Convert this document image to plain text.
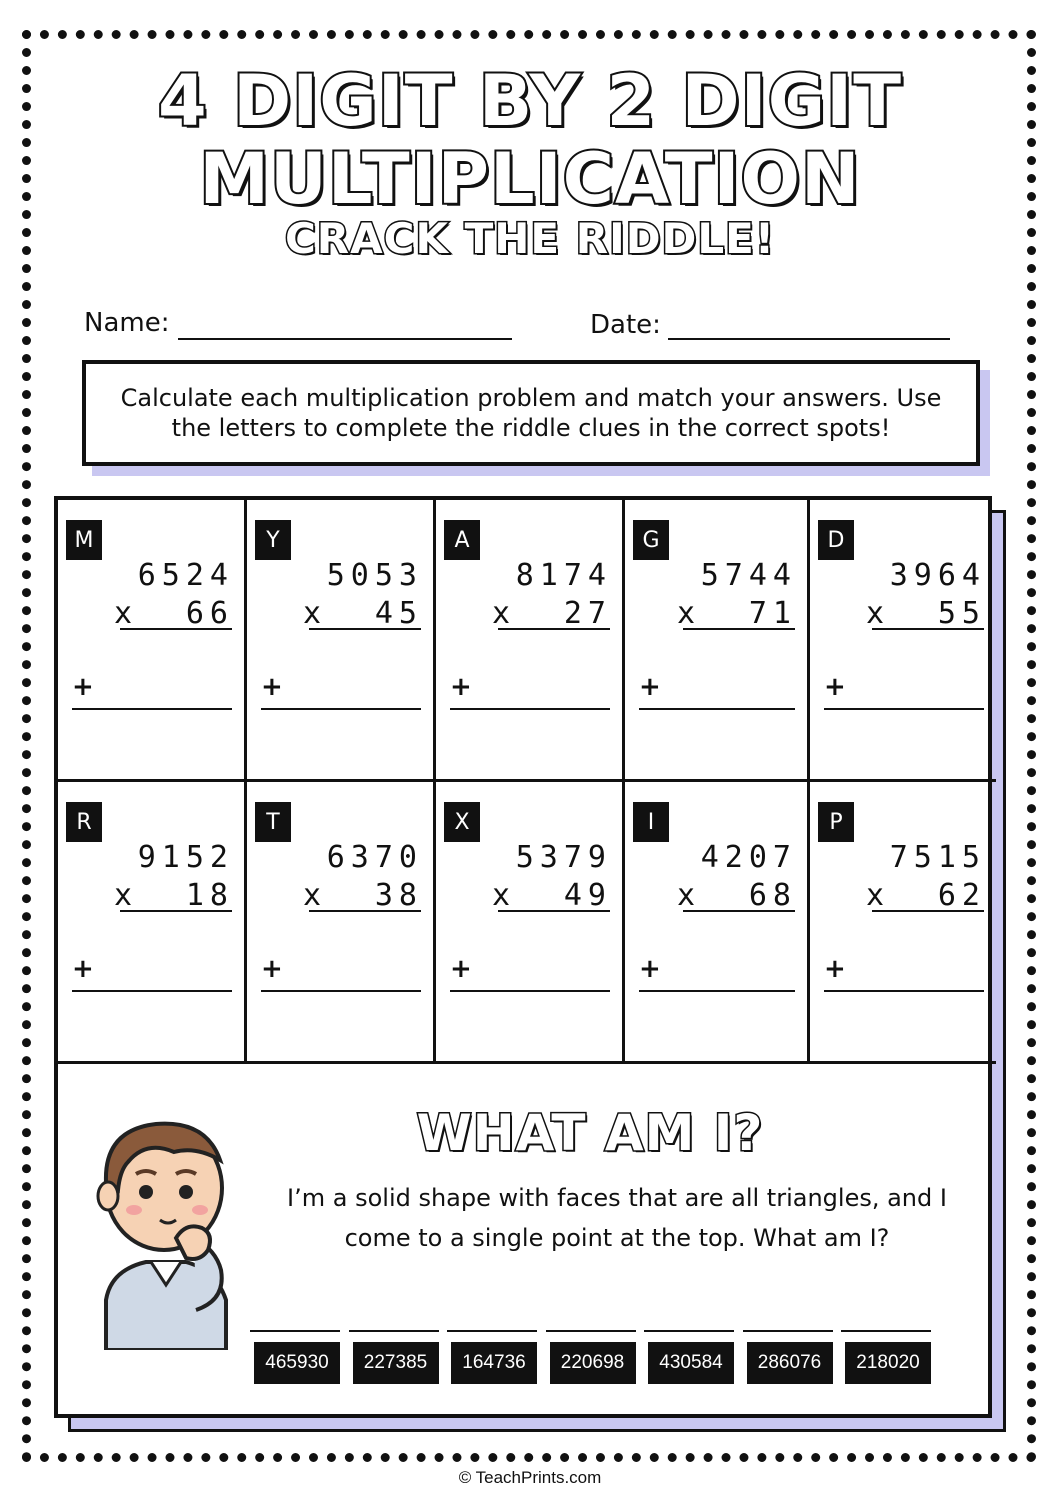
4 DIGIT BY 2 DIGIT
MULTIPLICATION
CRACK THE RIDDLE!
Name:	Date:
Calculate each multiplication problem and match your answers. Use the letters to complete the riddle clues in the correct spots!
M
6524
x 66
+
Y
5053
x 45
+
A
8174
x 27
+
G
5744
x 71
+
D
3964
x 55
+
R
9152
x 18
+
T
6370
x 38
+
X
5379
x 49
+
I
4207
x 68
+
P
7515
x 62
+
WHAT AM I?
I’m a solid shape with faces that are all triangles, and I come to a single point at the top. What am I?
465930	227385	164736	220698	430584	286076	218020
© TeachPrints.com
